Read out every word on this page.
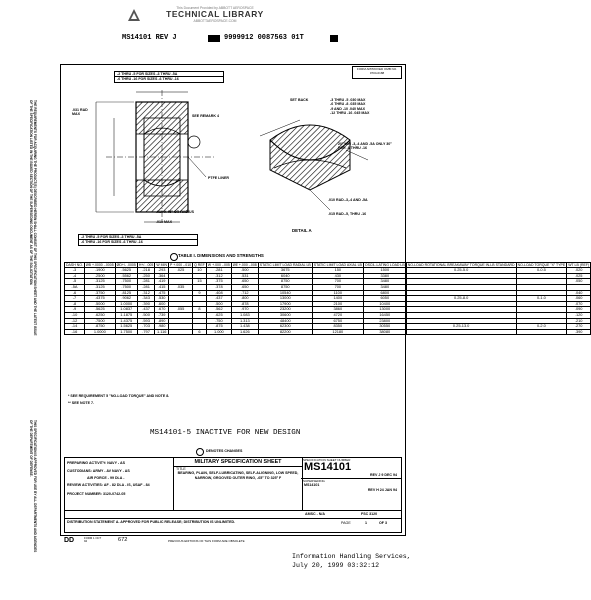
This Document Provided by ABBOTT AEROSPACE
TECHNICAL LIBRARY
ABBOTTAEROSPACE.COM
MS14101 REV J	9999912 0087563 01T
THE REQUIREMENTS FOR ACQUIRING THE PRODUCT(S) DESCRIBED HEREIN SHALL CONSIST OF THIS SPECIFICATION SHEET AND THE LATEST ISSUE OF THE SPECIFICATION LISTED IN THE BOXED SECTION OF THE SUPERSEDING DOCUMENT AS OF THE SOLICITATION.
THIS SPECIFICATION IS APPROVED FOR USE BY ALL DEPARTMENTS AND AGENCIES OF THE DEPARTMENT OF DEFENSE.
FORM APPROVED OMB NO. 0704-0188
-2 THRU -5 FOR SIZES -3 THRU -5A
-6 THRU -16 FOR SIZES -6 THRU -16
.031 RAD MAX	SEE REMARK 4
PTFE LINER
.010 X 45° OR RADIUS
.015 MAX
-2 THRU -5 FOR SIZES -3 THRU -5A
-6 THRU -16 FOR SIZES -6 THRU -16
SET BACK	-3 THRU -5 .030 MAX
-6 THRU -8 .035 MAX
-9 AND -10 .040 MAX
-12 THRU -16 .045 MAX
20° MIN -3,-4 AND -5A ONLY 30° FOR -6 THRU -16
.010 RAD.-3,-4 AND -5A
.015 RAD.-5, THRU -16
DETAIL A
TABLE I. DIMENSIONS AND STRENGTHS
DASH NO.	ØB +.0000 -.0005	ØD+/- .0005	H+/- .005	W MIN	P +.000 -.010	Q REF	W +.000 -.005	ØE +.000 -.008	STATIC LIMIT LOAD RADIAL LB	STATIC LIMIT LOAD AXIAL LB	OSCIL-LATING LOAD LB	NO-LOAD ROTATIONAL BREAKAWAY TORQUE IN-LB STANDARD	NO-LOAD TORQUE "X" TYPE	WT LB (REF)
-3	.1900	.5625	.218	.293	.025	10	.281	.500	3675	150	1500	0.25-5.0	0-0.5	.020
-4	.2500	.5562	.250	.364			.312	.531	6040	430	3380			.025
-5	.3125	.7500	.281	.419		15	.375	.650	8750	700	3480			.050
-5A	.3125	.7500	.281	.415	.035		.378	.650	8750	700	3480			
-6	.3750	.8125	.312	.475		9	.408	.712	10540	1100	6800			.040
-7	.4375	.9062	.343	.530			.437	.800	13000	1400	6050	0.25-8.0	0-1.0	.060
-8	.5000	1.0000	.390	.600			.500	.878	17900	2100	10400			.070
-9	.5625	1.0837	.437	.670	.055	8	.562	.970	23200	3860	13000			.090
-10	.6250	1.1875	.500	.739			.625	1.083	30600	4720	16450			.120
-12	.7500	1.4375	.593	.890			.750	1.313	48400	6750	23800			.210
-14	.8750	1.5625	.703	.980			.875	1.438	62300	8350	30550	0.25-13.0	0-2.0	.270
-16	1.0000	1.7500	.797	1.116		6	1.000	1.626	82200	12180	38080			.390
* SEE REQUIREMENT 5 "NO-LOAD TORQUE" AND NOTE 8.
** SEE NOTE 7.
MS14101-5 INACTIVE FOR NEW DESIGN
DENOTES CHANGES
PREPARING ACTIVITY: NAVY - AS
CUSTODIANS: ARMY - AV NAVY - AS
AIR FORCE - 99 DLA -
REVIEW ACTIVITIES: AF - 82 DLA - IS, USAF - 84
PROJECT NUMBER: 3120-0742-05
MILITARY SPECIFICATION SHEET
TITLE
BEARING, PLAIN, SELF-LUBRICATING, SELF-ALIGNING, LOW SPEED, NARROW, GROOVED OUTER RING, -65° TO 325° F
SPECIFICATION SHEET NUMBER
MS14101
REV J 9 DEC 94
SUPERSEDING
MS14101
REV H 24 JAN 94
AMSC - N/A	FSC 3120
DISTRIBUTION STATEMENT A. APPROVED FOR PUBLIC RELEASE; DISTRIBUTION IS UNLIMITED.	PAGE	1	OF 3
DD	FORM 1 OCT 94	672	PREVIOUS EDITIONS OF THIS FORM ARE OBSOLETE
Information Handling Services,
July 20, 1999 03:32:12
